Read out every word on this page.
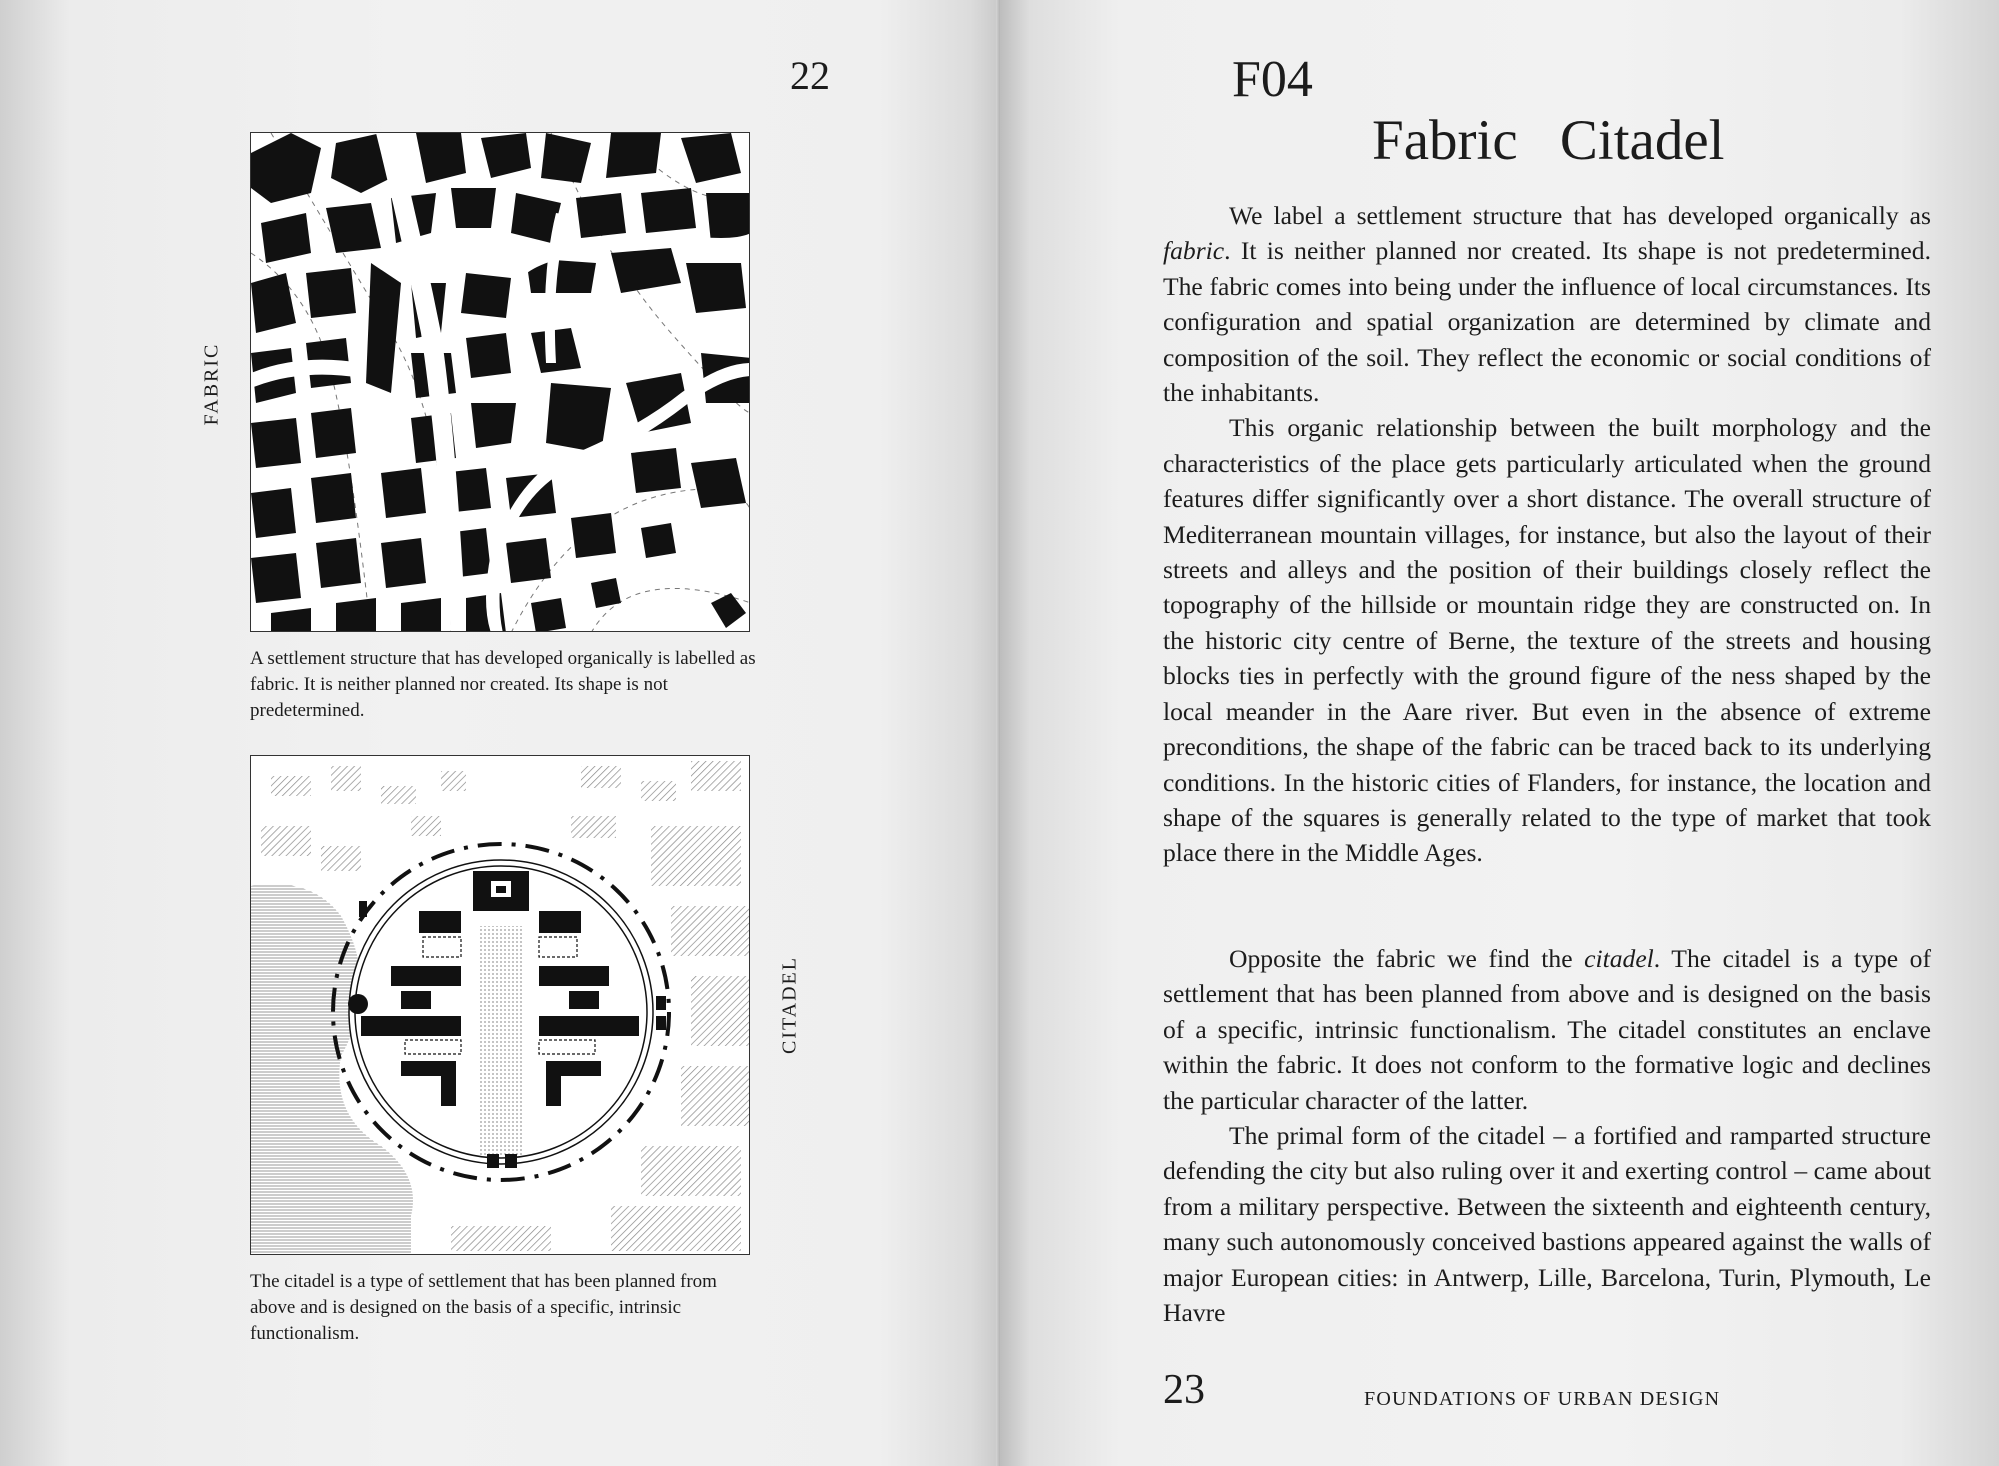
22
FABRIC
A settlement structure that has developed organically is labelled as fabric. It is neither planned nor created. Its shape is not predetermined.
CITADEL
The citadel is a type of settlement that has been planned from above and is designed on the basis of a specific, intrinsic functionalism.
F04
Fabric Citadel

We label a settlement structure that has developed organically as fabric. It is neither planned nor created. Its shape is not predetermined. The fabric comes into being under the influence of local circumstances. Its configuration and spatial organization are determined by climate and composition of the soil. They reflect the economic or social conditions of the inhabitants.

This organic relationship between the built morphology and the characteristics of the place gets particularly articulated when the ground features differ significantly over a short distance. The overall structure of Mediterranean mountain villages, for instance, but also the layout of their streets and alleys and the position of their buildings closely reflect the topography of the hillside or mountain ridge they are constructed on. In the historic city centre of Berne, the texture of the streets and housing blocks ties in perfectly with the ground figure of the ness shaped by the local meander in the Aare river. But even in the absence of extreme preconditions, the shape of the fabric can be traced back to its underlying conditions. In the historic cities of Flanders, for instance, the location and shape of the squares is generally related to the type of market that took place there in the Middle Ages.

Opposite the fabric we find the citadel. The citadel is a type of settlement that has been planned from above and is designed on the basis of a specific, intrinsic functionalism. The citadel constitutes an enclave within the fabric. It does not conform to the formative logic and declines the particular character of the latter.

The primal form of the citadel – a fortified and ramparted structure defending the city but also ruling over it and exerting control – came about from a military perspective. Between the sixteenth and eighteenth century, many such autonomously conceived bastions appeared against the walls of major European cities: in Antwerp, Lille, Barcelona, Turin, Plymouth, Le Havre

23	FOUNDATIONS OF URBAN DESIGN
